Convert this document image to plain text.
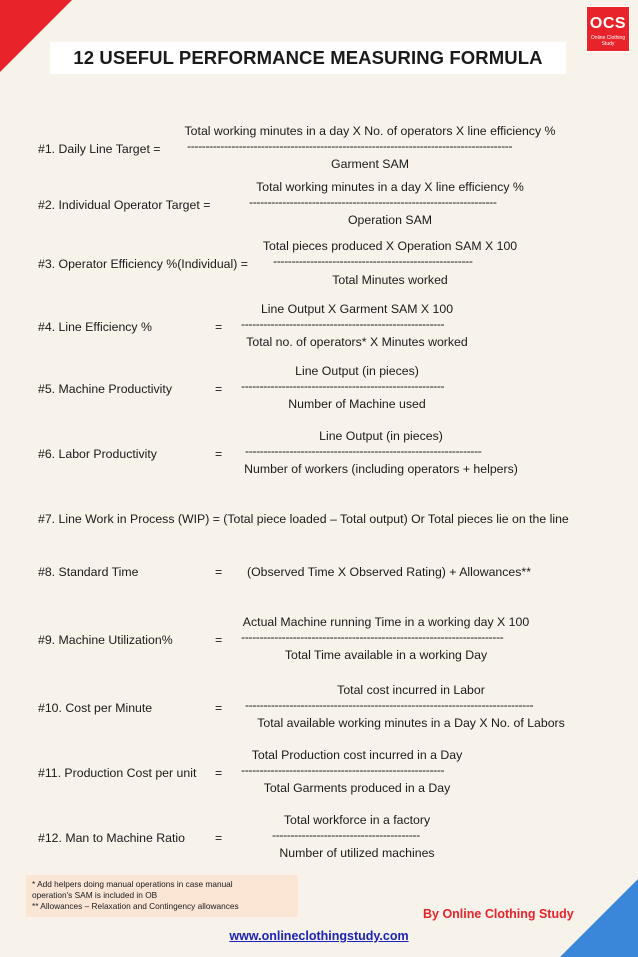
OCS
Online Clothing Study
12 USEFUL PERFORMANCE MEASURING FORMULA
Total working minutes in a day X No. of operators X line efficiency %
#1. Daily Line Target = ----------------------------------------------------------------------------------------
Garment SAM
Total working minutes in a day X line efficiency %
#2. Individual Operator Target =	-------------------------------------------------------------------
Operation SAM
Total pieces produced X Operation SAM X 100
#3. Operator Efficiency %(Individual) = ------------------------------------------------------
Total Minutes worked
Line Output X Garment SAM X 100
#4. Line Efficiency %	= -------------------------------------------------------
Total no. of operators* X Minutes worked
Line Output (in pieces)
#5. Machine Productivity	= -------------------------------------------------------
Number of Machine used
Line Output (in pieces)
#6. Labor Productivity	= ----------------------------------------------------------------
Number of workers (including operators + helpers)
#7. Line Work in Process (WIP) = (Total piece loaded – Total output) Or Total pieces lie on the line
#8. Standard Time	= (Observed Time X Observed Rating) + Allowances**
Actual Machine running Time in a working day X 100
#9. Machine Utilization%	= -----------------------------------------------------------------------
Total Time available in a working Day
Total cost incurred in Labor
#10. Cost per Minute	= ------------------------------------------------------------------------------
Total available working minutes in a Day X No. of Labors
Total Production cost incurred in a Day
#11. Production Cost per unit = -------------------------------------------------------
Total Garments produced in a Day
Total workforce in a factory
#12. Man to Machine Ratio =	----------------------------------------
Number of utilized machines
* Add helpers doing manual operations in case manual
operation's SAM is included in OB
** Allowances – Relaxation and Contingency allowances
By Online Clothing Study
www.onlineclothingstudy.com
